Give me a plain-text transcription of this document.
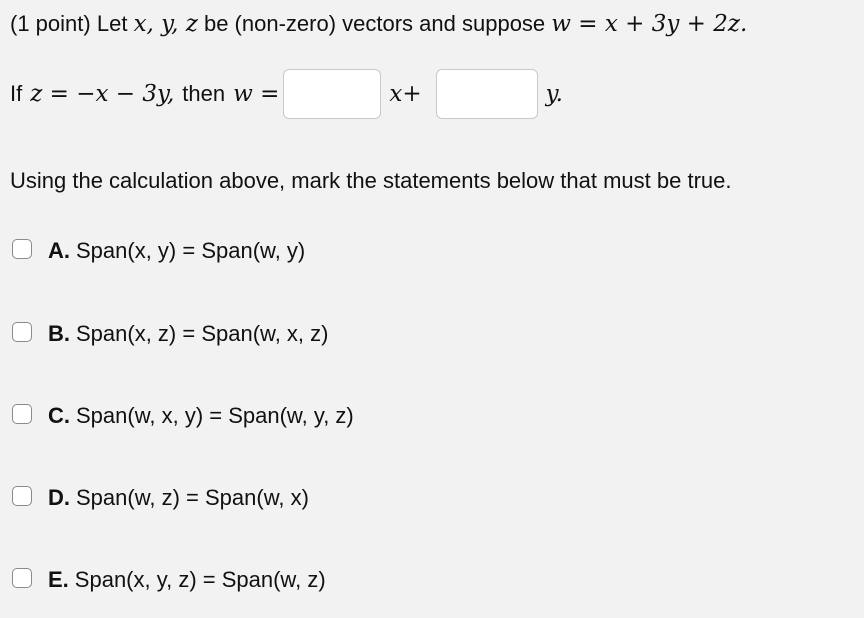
(1 point) Let x, y, z be (non-zero) vectors and suppose w = x + 3y + 2z.
If z = −x − 3y, then w =	x+	y.
Using the calculation above, mark the statements below that must be true.
A. Span(x, y) = Span(w, y)
B. Span(x, z) = Span(w, x, z)
C. Span(w, x, y) = Span(w, y, z)
D. Span(w, z) = Span(w, x)
E. Span(x, y, z) = Span(w, z)
